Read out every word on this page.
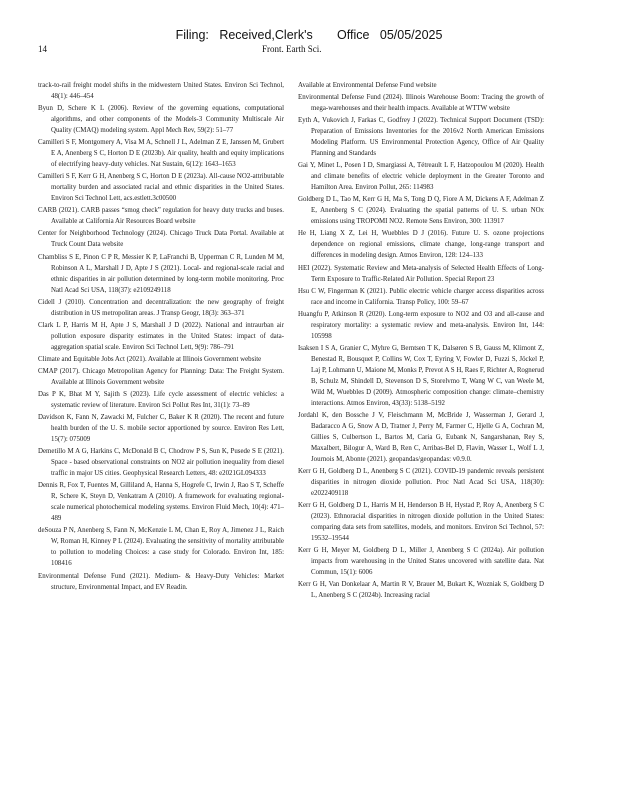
Filing:   Received,Clerk's       Office   05/05/2025
14	Front. Earth Sci.

track-to-rail freight model shifts in the midwestern United States. Environ Sci Technol, 48(1): 446–454

Byun D, Schere K L (2006). Review of the governing equations, computational algorithms, and other components of the Models-3 Community Multiscale Air Quality (CMAQ) modeling system. Appl Mech Rev, 59(2): 51–77

Camilleri S F, Montgomery A, Visa M A, Schnell J L, Adelman Z E, Janssen M, Grubert E A, Anenberg S C, Horton D E (2023b). Air quality, health and equity implications of electrifying heavy-duty vehicles. Nat Sustain, 6(12): 1643–1653

Camilleri S F, Kerr G H, Anenberg S C, Horton D E (2023a). All-cause NO2-attributable mortality burden and associated racial and ethnic disparities in the United States. Environ Sci Technol Lett, acs.estlett.3c00500

CARB (2021). CARB passes “smog check” regulation for heavy duty trucks and buses. Available at California Air Resources Board website

Center for Neighborhood Technology (2024). Chicago Truck Data Portal. Available at Truck Count Data website

Chambliss S E, Pinon C P R, Messier K P, LaFranchi B, Upperman C R, Lunden M M, Robinson A L, Marshall J D, Apte J S (2021). Local- and regional-scale racial and ethnic disparities in air pollution determined by long-term mobile monitoring. Proc Natl Acad Sci USA, 118(37): e2109249118

Cidell J (2010). Concentration and decentralization: the new geography of freight distribution in US metropolitan areas. J Transp Geogr, 18(3): 363–371

Clark L P, Harris M H, Apte J S, Marshall J D (2022). National and intraurban air pollution exposure disparity estimates in the United States: impact of data-aggregation spatial scale. Environ Sci Technol Lett, 9(9): 786–791

Climate and Equitable Jobs Act (2021). Available at Illinois Government website

CMAP (2017). Chicago Metropolitan Agency for Planning: Data: The Freight System. Available at Illinois Government website

Das P K, Bhat M Y, Sajith S (2023). Life cycle assessment of electric vehicles: a systematic review of literature. Environ Sci Pollut Res Int, 31(1): 73–89

Davidson K, Fann N, Zawacki M, Fulcher C, Baker K R (2020). The recent and future health burden of the U. S. mobile sector apportioned by source. Environ Res Lett, 15(7): 075009

Demetillo M A G, Harkins C, McDonald B C, Chodrow P S, Sun K, Pusede S E (2021). Space - based observational constraints on NO2 air pollution inequality from diesel traffic in major US cities. Geophysical Research Letters, 48: e2021GL094333

Dennis R, Fox T, Fuentes M, Gilliland A, Hanna S, Hogrefe C, Irwin J, Rao S T, Scheffe R, Schere K, Steyn D, Venkatram A (2010). A framework for evaluating regional-scale numerical photochemical modeling systems. Environ Fluid Mech, 10(4): 471–489

deSouza P N, Anenberg S, Fann N, McKenzie L M, Chan E, Roy A, Jimenez J L, Raich W, Roman H, Kinney P L (2024). Evaluating the sensitivity of mortality attributable to pollution to modeling Choices: a case study for Colorado. Environ Int, 185: 108416

Environmental Defense Fund (2021). Medium- & Heavy-Duty Vehicles: Market structure, Environmental Impact, and EV Readin.

Available at Environmental Defense Fund website

Environmental Defense Fund (2024). Illinois Warehouse Boom: Tracing the growth of mega-warehouses and their health impacts. Available at WTTW website

Eyth A, Vukovich J, Farkas C, Godfrey J (2022). Technical Support Document (TSD): Preparation of Emissions Inventories for the 2016v2 North American Emissions Modeling Platform. US Environmental Protection Agency, Office of Air Quality Planning and Standards

Gai Y, Minet L, Posen I D, Smargiassi A, Tétreault L F, Hatzopoulou M (2020). Health and climate benefits of electric vehicle deployment in the Greater Toronto and Hamilton Area. Environ Pollut, 265: 114983

Goldberg D L, Tao M, Kerr G H, Ma S, Tong D Q, Fiore A M, Dickens A F, Adelman Z E, Anenberg S C (2024). Evaluating the spatial patterns of U. S. urban NOx emissions using TROPOMI NO2. Remote Sens Environ, 300: 113917

He H, Liang X Z, Lei H, Wuebbles D J (2016). Future U. S. ozone projections dependence on regional emissions, climate change, long-range transport and differences in modeling design. Atmos Environ, 128: 124–133

HEI (2022). Systematic Review and Meta-analysis of Selected Health Effects of Long-Term Exposure to Traffic-Related Air Pollution. Special Report 23

Hsu C W, Fingerman K (2021). Public electric vehicle charger access disparities across race and income in California. Transp Policy, 100: 59–67

Huangfu P, Atkinson R (2020). Long-term exposure to NO2 and O3 and all-cause and respiratory mortality: a systematic review and meta-analysis. Environ Int, 144: 105998

Isaksen I S A, Granier C, Myhre G, Berntsen T K, Dalsøren S B, Gauss M, Klimont Z, Benestad R, Bousquet P, Collins W, Cox T, Eyring V, Fowler D, Fuzzi S, Jöckel P, Laj P, Lohmann U, Maione M, Monks P, Prevot A S H, Raes F, Richter A, Rognerud B, Schulz M, Shindell D, Stevenson D S, Storelvmo T, Wang W C, van Weele M, Wild M, Wuebbles D (2009). Atmospheric composition change: climate–chemistry interactions. Atmos Environ, 43(33): 5138–5192

Jordahl K, den Bossche J V, Fleischmann M, McBride J, Wasserman J, Gerard J, Badaracco A G, Snow A D, Tratner J, Perry M, Farmer C, Hjelle G A, Cochran M, Gillies S, Culbertson L, Bartos M, Caria G, Eubank N, Sangarshanan, Rey S, Maxalbert, Bilogur A, Ward B, Ren C, Arribas-Bel D, Flavin, Wasser L, Wolf L J, Journois M, Abonte (2021). geopandas/geopandas: v0.9.0.

Kerr G H, Goldberg D L, Anenberg S C (2021). COVID-19 pandemic reveals persistent disparities in nitrogen dioxide pollution. Proc Natl Acad Sci USA, 118(30): e2022409118

Kerr G H, Goldberg D L, Harris M H, Henderson B H, Hystad P, Roy A, Anenberg S C (2023). Ethnoracial disparities in nitrogen dioxide pollution in the United States: comparing data sets from satellites, models, and monitors. Environ Sci Technol, 57: 19532–19544

Kerr G H, Meyer M, Goldberg D L, Miller J, Anenberg S C (2024a). Air pollution impacts from warehousing in the United States uncovered with satellite data. Nat Commun, 15(1): 6006

Kerr G H, Van Donkelaar A, Martin R V, Brauer M, Bukart K, Wozniak S, Goldberg D L, Anenberg S C (2024b). Increasing racial
